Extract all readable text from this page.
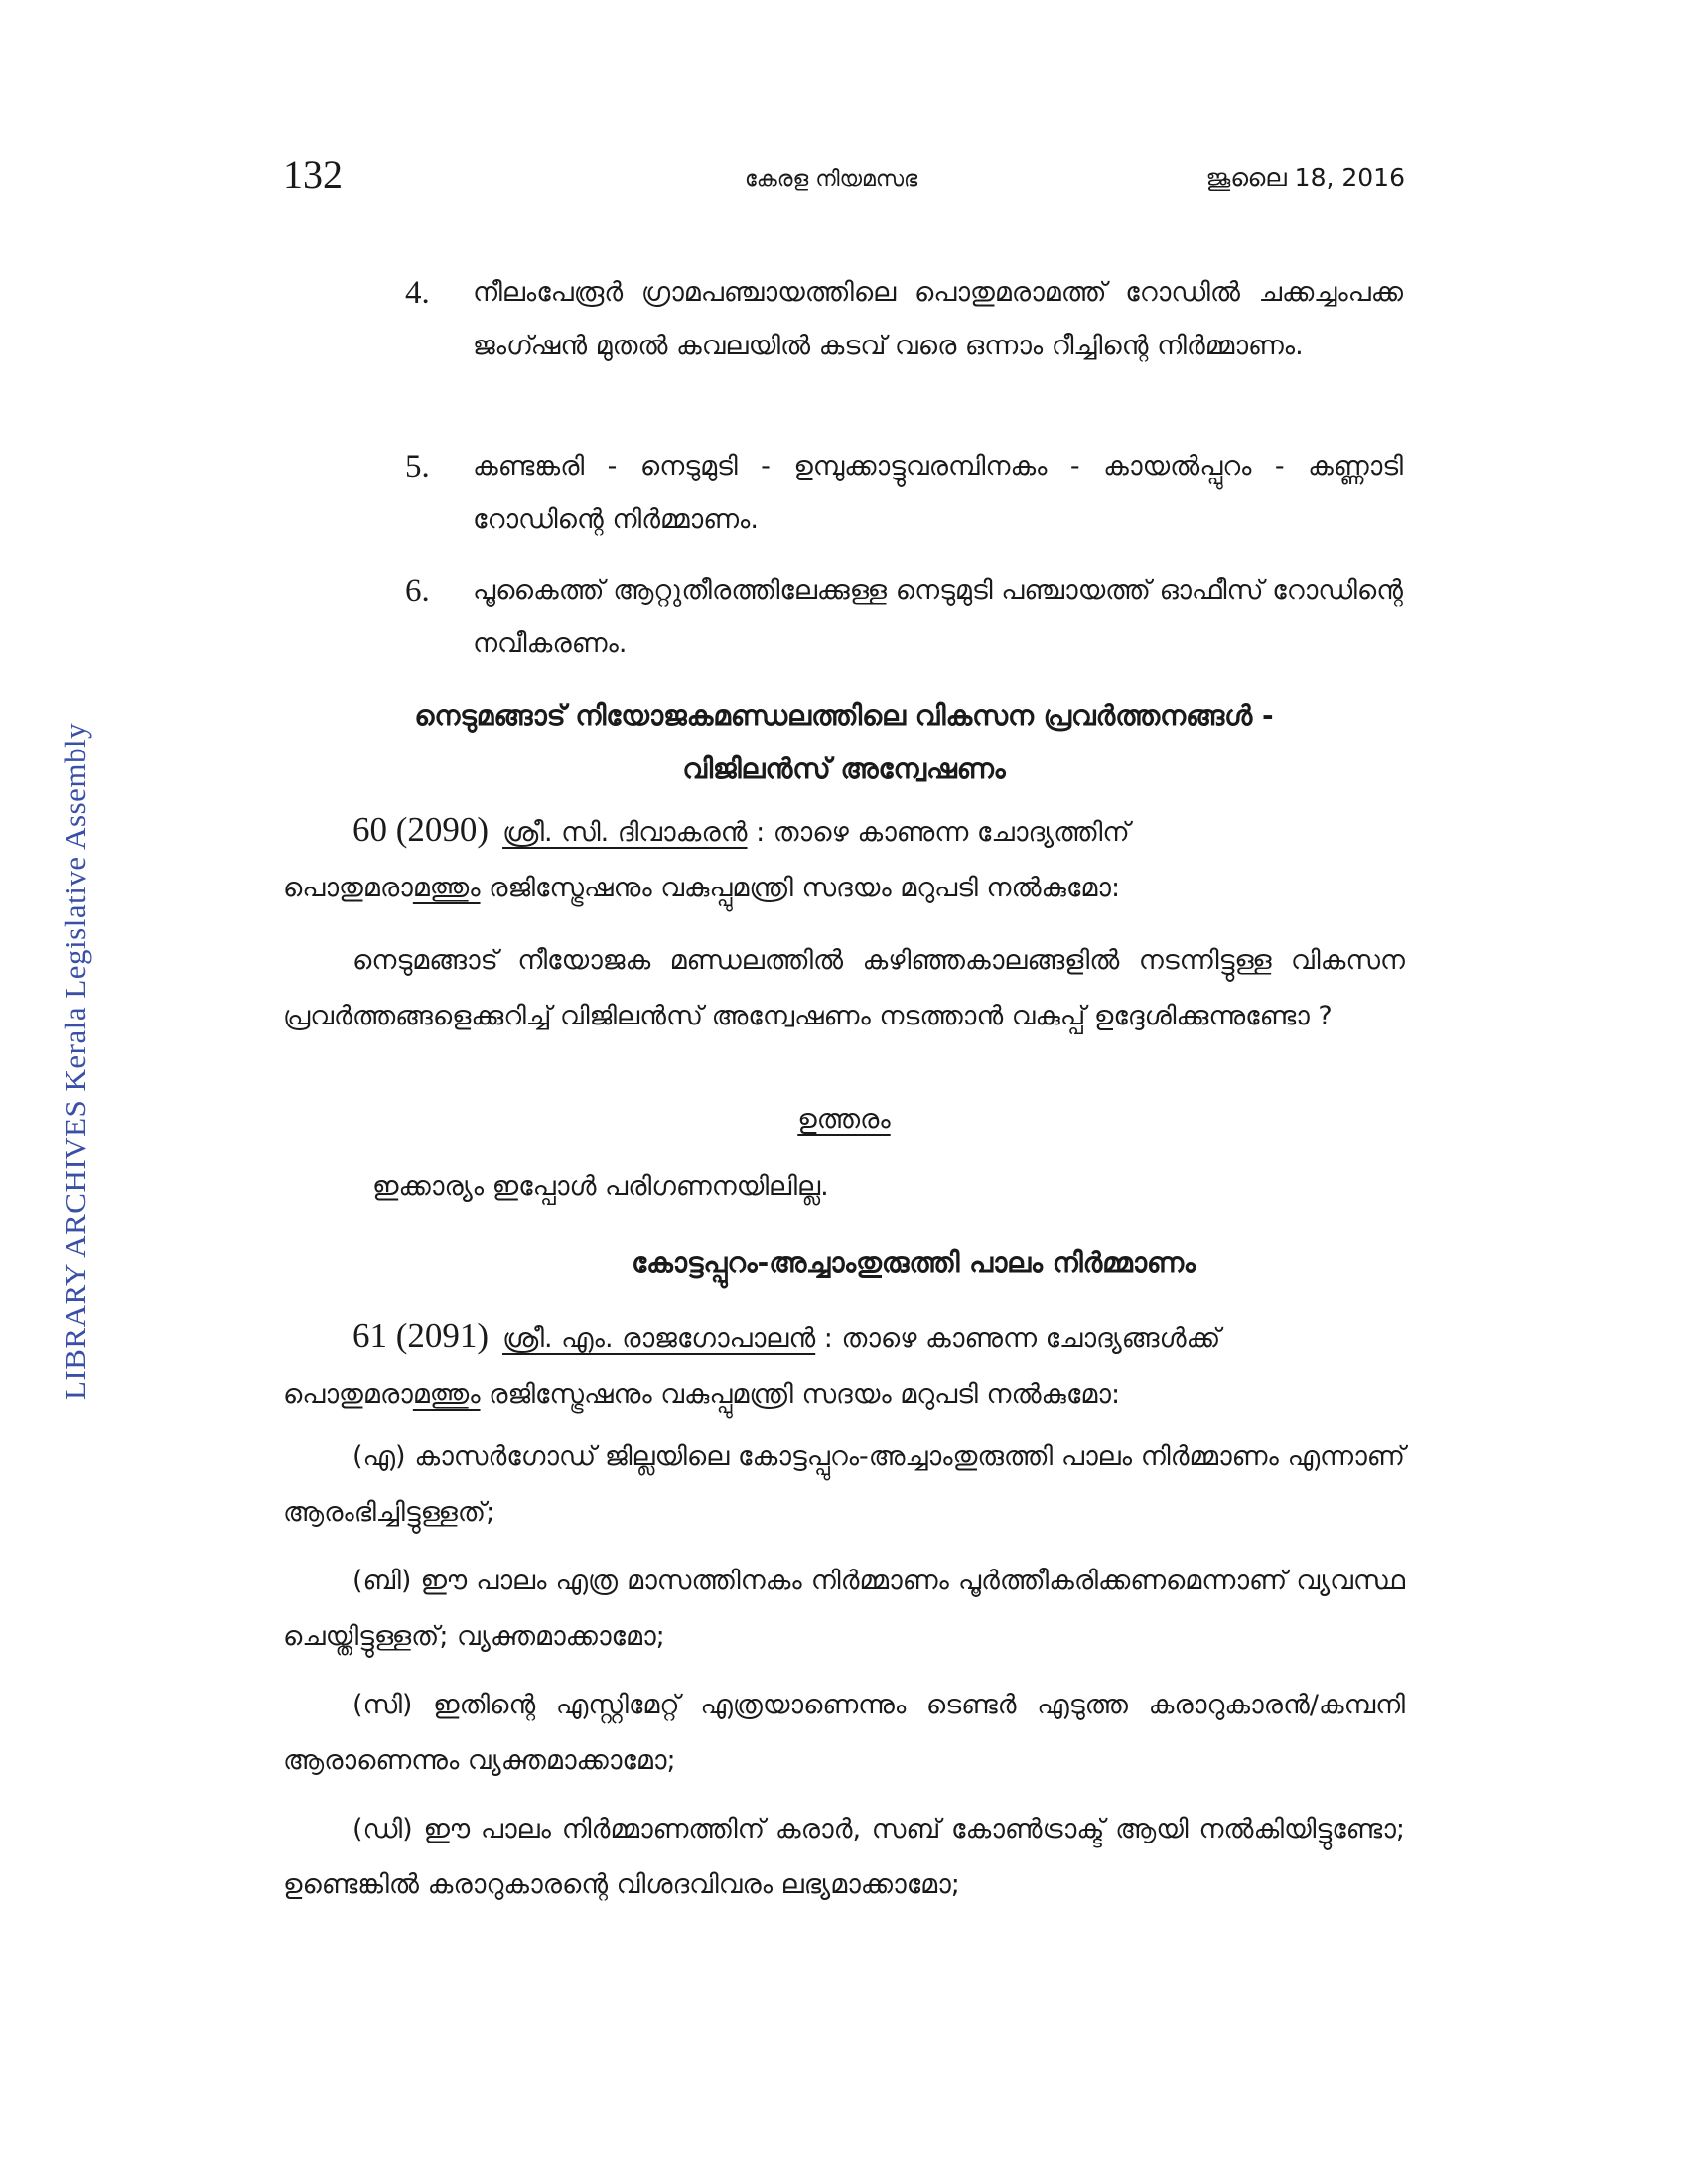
LIBRARY ARCHIVES Kerala Legislative Assembly
132	കേരള നിയമസഭ	ജൂലൈ 18, 2016
4. നീലംപേരൂർ ഗ്രാമപഞ്ചായത്തിലെ പൊതുമരാമത്ത് റോഡിൽ ചക്കച്ചംപക്ക ജംഗ്ഷൻ മുതൽ കവലയിൽ കടവ് വരെ ഒന്നാം റീച്ചിന്റെ നിർമ്മാണം.
5. കണ്ടങ്കരി - നെടുമുടി - ഉമ്പുക്കാട്ടുവരമ്പിനകം - കായൽപ്പുറം - കണ്ണാടി റോഡിന്റെ നിർമ്മാണം.
6. പൂകൈത്ത് ആറ്റുതീരത്തിലേക്കുള്ള നെടുമുടി പഞ്ചായത്ത് ഓഫീസ് റോഡിന്റെ നവീകരണം.
നെടുമങ്ങാട് നിയോജകമണ്ഡലത്തിലെ വികസന പ്രവർത്തനങ്ങൾ -
വിജിലൻസ് അന്വേഷണം
60 (2090) ശ്രീ. സി. ദിവാകരൻ : താഴെ കാണുന്ന ചോദ്യത്തിന്
പൊതുമരാമത്തും രജിസ്ട്രേഷനും വകുപ്പുമന്ത്രി സദയം മറുപടി നൽകുമോ:
നെടുമങ്ങാട് നീയോജക മണ്ഡലത്തിൽ കഴിഞ്ഞകാലങ്ങളിൽ നടന്നിട്ടുള്ള വികസന പ്രവർത്തങ്ങളെക്കുറിച്ച് വിജിലൻസ് അന്വേഷണം നടത്താൻ വകുപ്പ് ഉദ്ദേശിക്കുന്നുണ്ടോ ?
ഉത്തരം
ഇക്കാര്യം ഇപ്പോൾ പരിഗണനയിലില്ല.
കോട്ടപ്പുറം-അച്ചാംതുരുത്തി പാലം നിർമ്മാണം
61 (2091) ശ്രീ. എം. രാജഗോപാലൻ : താഴെ കാണുന്ന ചോദ്യങ്ങൾക്ക്
പൊതുമരാമത്തും രജിസ്ട്രേഷനും വകുപ്പുമന്ത്രി സദയം മറുപടി നൽകുമോ:
(എ) കാസർഗോഡ് ജില്ലയിലെ കോട്ടപ്പുറം-അച്ചാംതുരുത്തി പാലം നിർമ്മാണം എന്നാണ് ആരംഭിച്ചിട്ടുള്ളത്;
(ബി) ഈ പാലം എത്ര മാസത്തിനകം നിർമ്മാണം പൂർത്തീകരിക്കണമെന്നാണ് വ്യവസ്ഥ ചെയ്തിട്ടുള്ളത്; വ്യക്തമാക്കാമോ;
(സി) ഇതിന്റെ എസ്റ്റിമേറ്റ് എത്രയാണെന്നും ടെണ്ടർ എടുത്ത കരാറുകാരൻ/കമ്പനി ആരാണെന്നും വ്യക്തമാക്കാമോ;
(ഡി) ഈ പാലം നിർമ്മാണത്തിന് കരാർ, സബ് കോൺട്രാക്ട് ആയി നൽകിയിട്ടുണ്ടോ; ഉണ്ടെങ്കിൽ കരാറുകാരന്റെ വിശദവിവരം ലഭ്യമാക്കാമോ;
